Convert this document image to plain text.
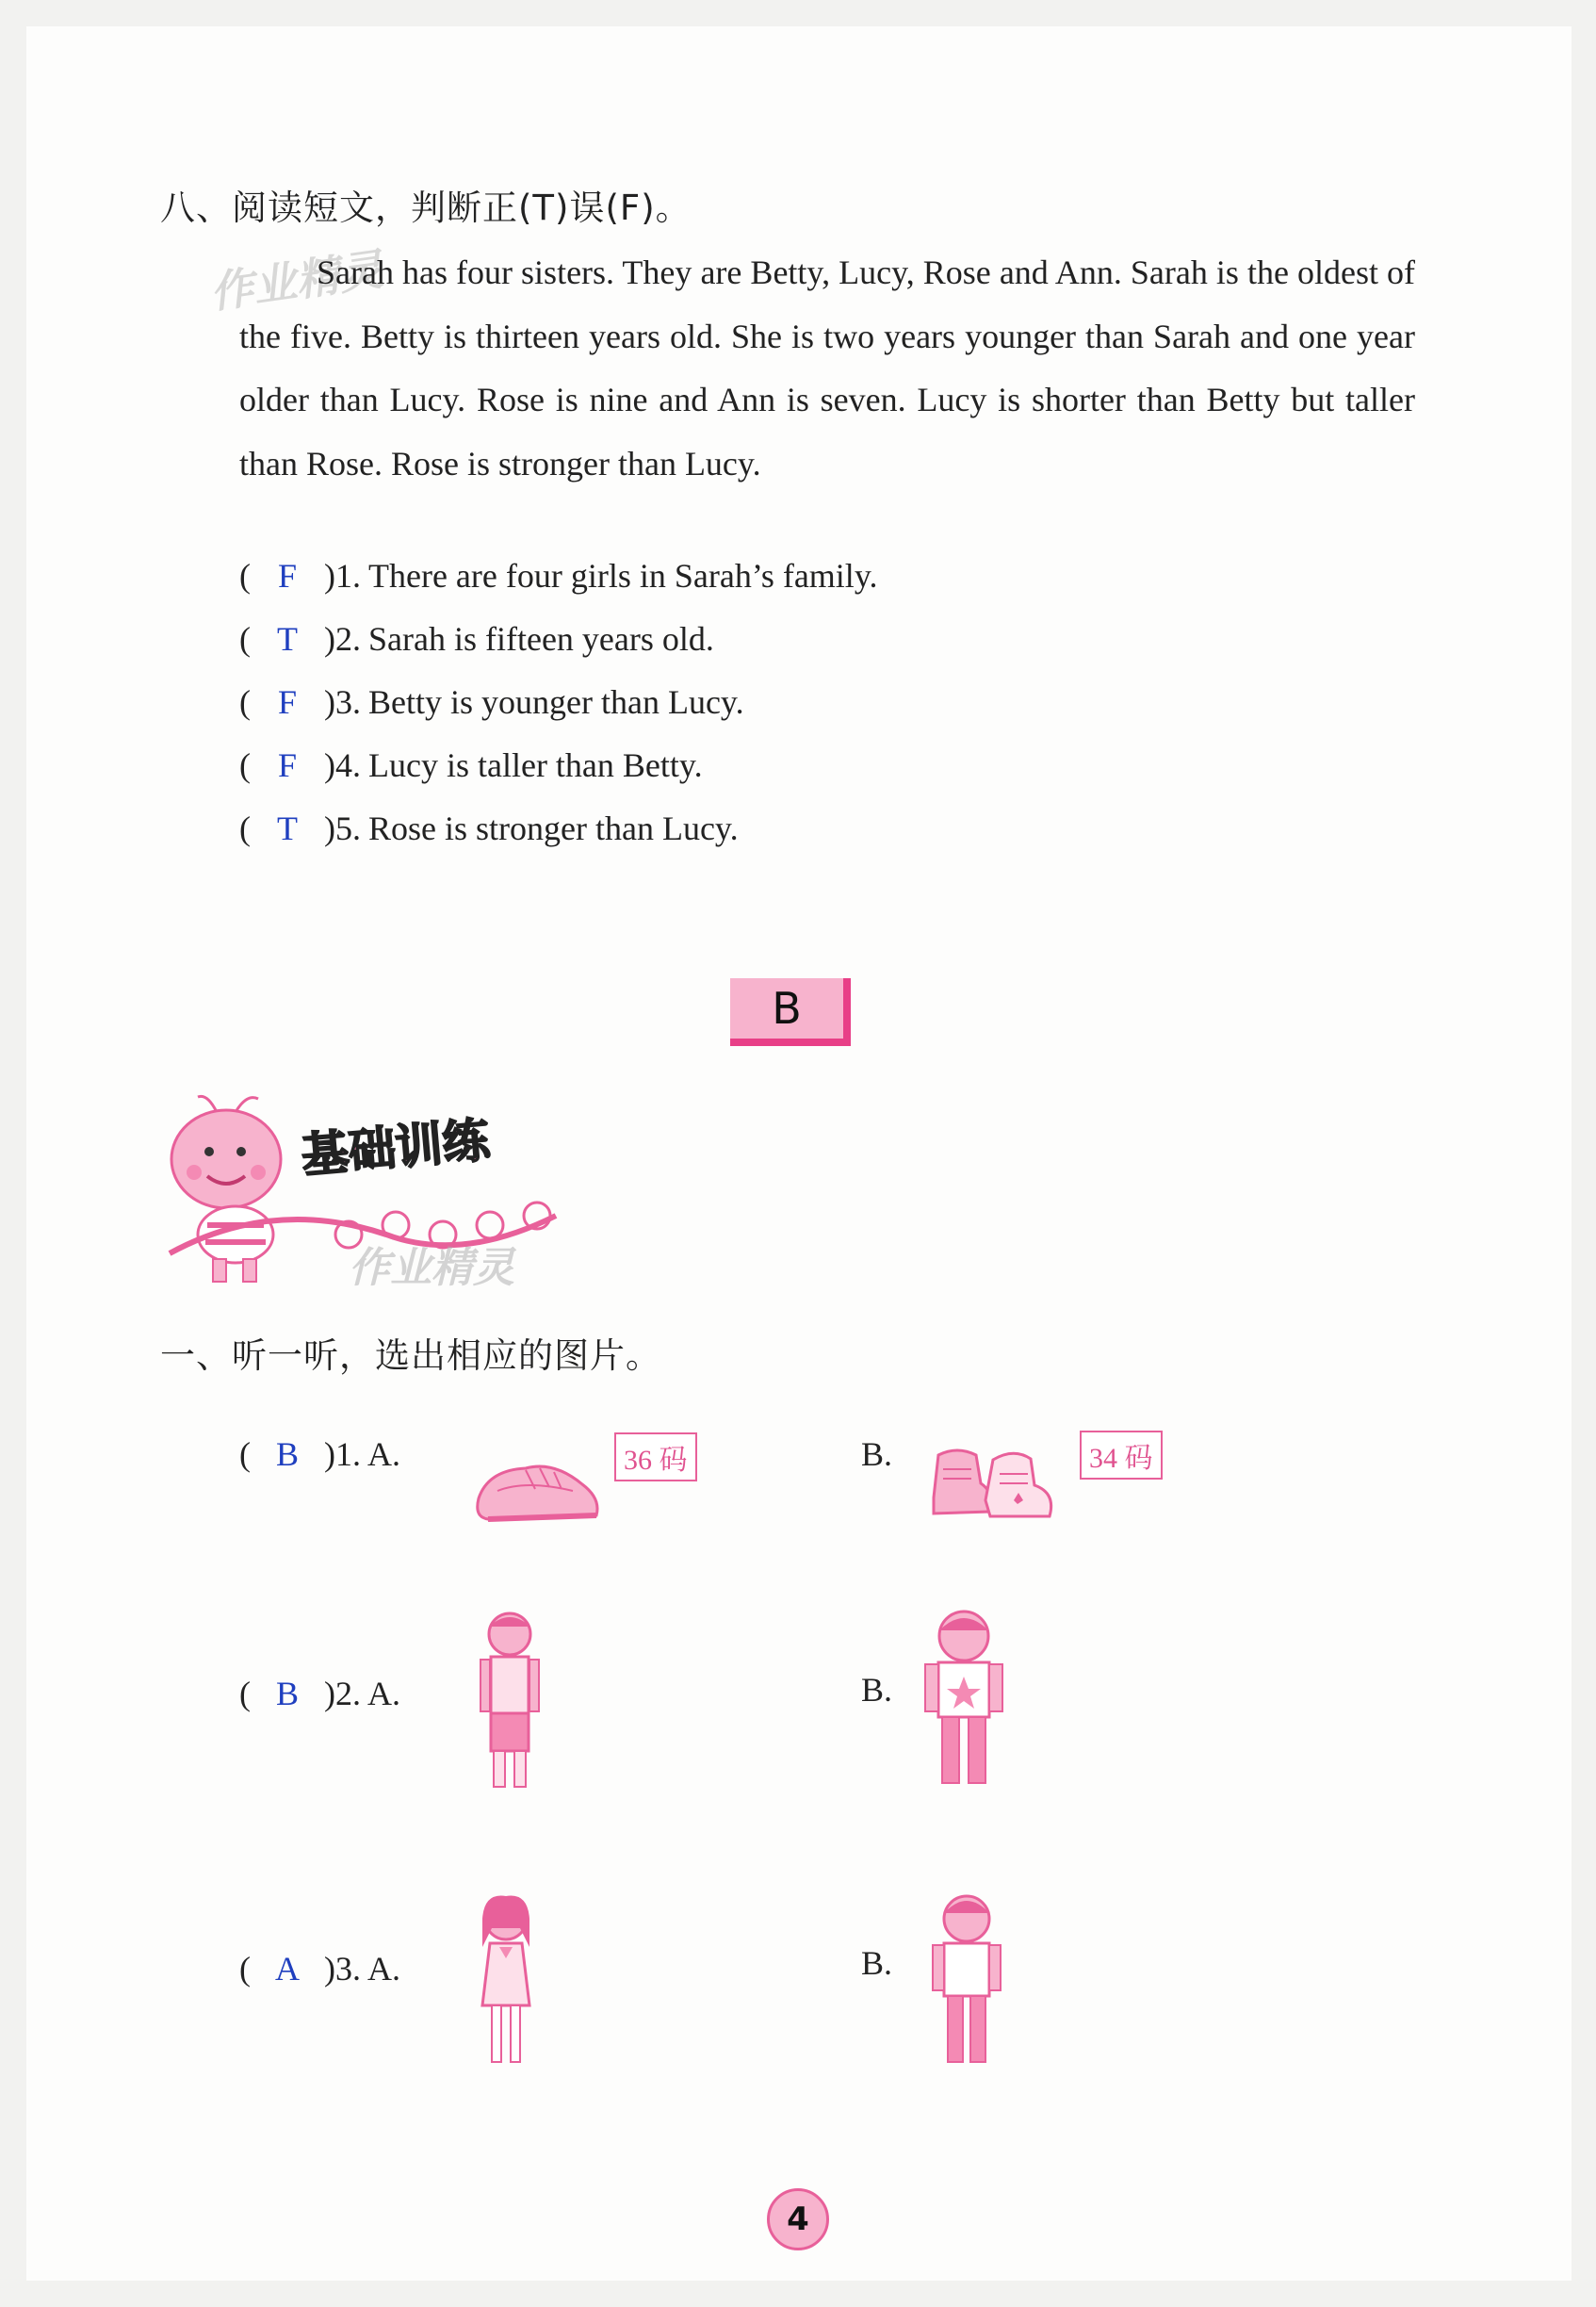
八、阅读短文，判断正(T)误(F)。
作业精灵

Sarah has four sisters. They are Betty, Lucy, Rose and Ann. Sarah is the oldest of the five. Betty is thirteen years old. She is two years younger than Sarah and one year older than Lucy. Rose is nine and Ann is seven. Lucy is shorter than Betty but taller than Rose. Rose is stronger than Lucy.

( F )1. There are four girls in Sarah’s family.
( T )2. Sarah is fifteen years old.
( F )3. Betty is younger than Lucy.
( F )4. Lucy is taller than Betty.
( T )5. Rose is stronger than Lucy.
B
基础训练
作业精灵
一、听一听，选出相应的图片。
( B )1. A.	36 码	B.	34 码
( B )2. A.	B.
( A )3. A.	B.
4
